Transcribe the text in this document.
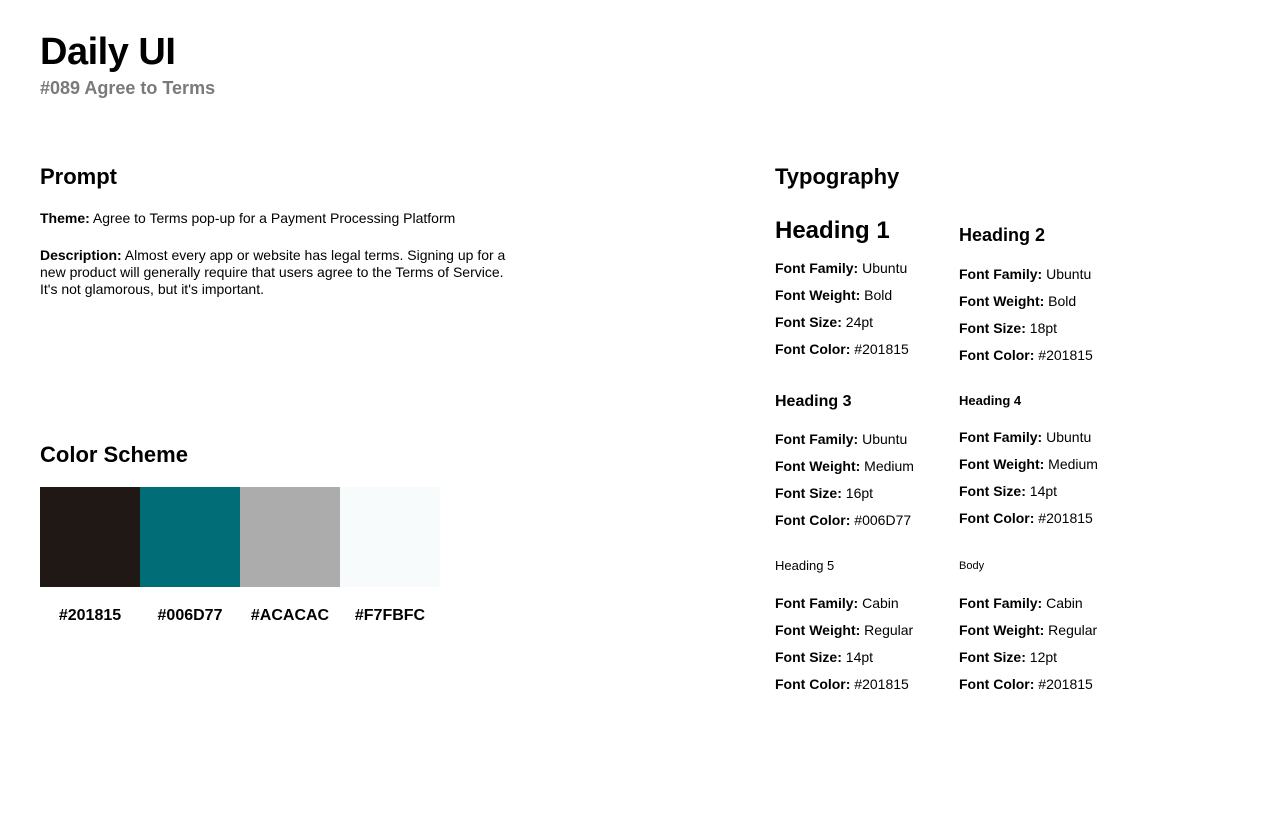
Daily UI

#089 Agree to Terms

Prompt

Theme: Agree to Terms pop-up for a Payment Processing Platform

Description: Almost every app or website has legal terms. Signing up for a new product will generally require that users agree to the Terms of Service. It's not glamorous, but it's important.

Color Scheme
#201815	#006D77	#ACACAC	#F7FBFC
Typography

Heading 1

Font Family: Ubuntu

Font Weight: Bold

Font Size: 24pt

Font Color: #201815

Heading 2

Font Family: Ubuntu

Font Weight: Bold

Font Size: 18pt

Font Color: #201815

Heading 3

Font Family: Ubuntu

Font Weight: Medium

Font Size: 16pt

Font Color: #006D77

Heading 4

Font Family: Ubuntu

Font Weight: Medium

Font Size: 14pt

Font Color: #201815

Heading 5

Font Family: Cabin

Font Weight: Regular

Font Size: 14pt

Font Color: #201815

Body

Font Family: Cabin

Font Weight: Regular

Font Size: 12pt

Font Color: #201815
